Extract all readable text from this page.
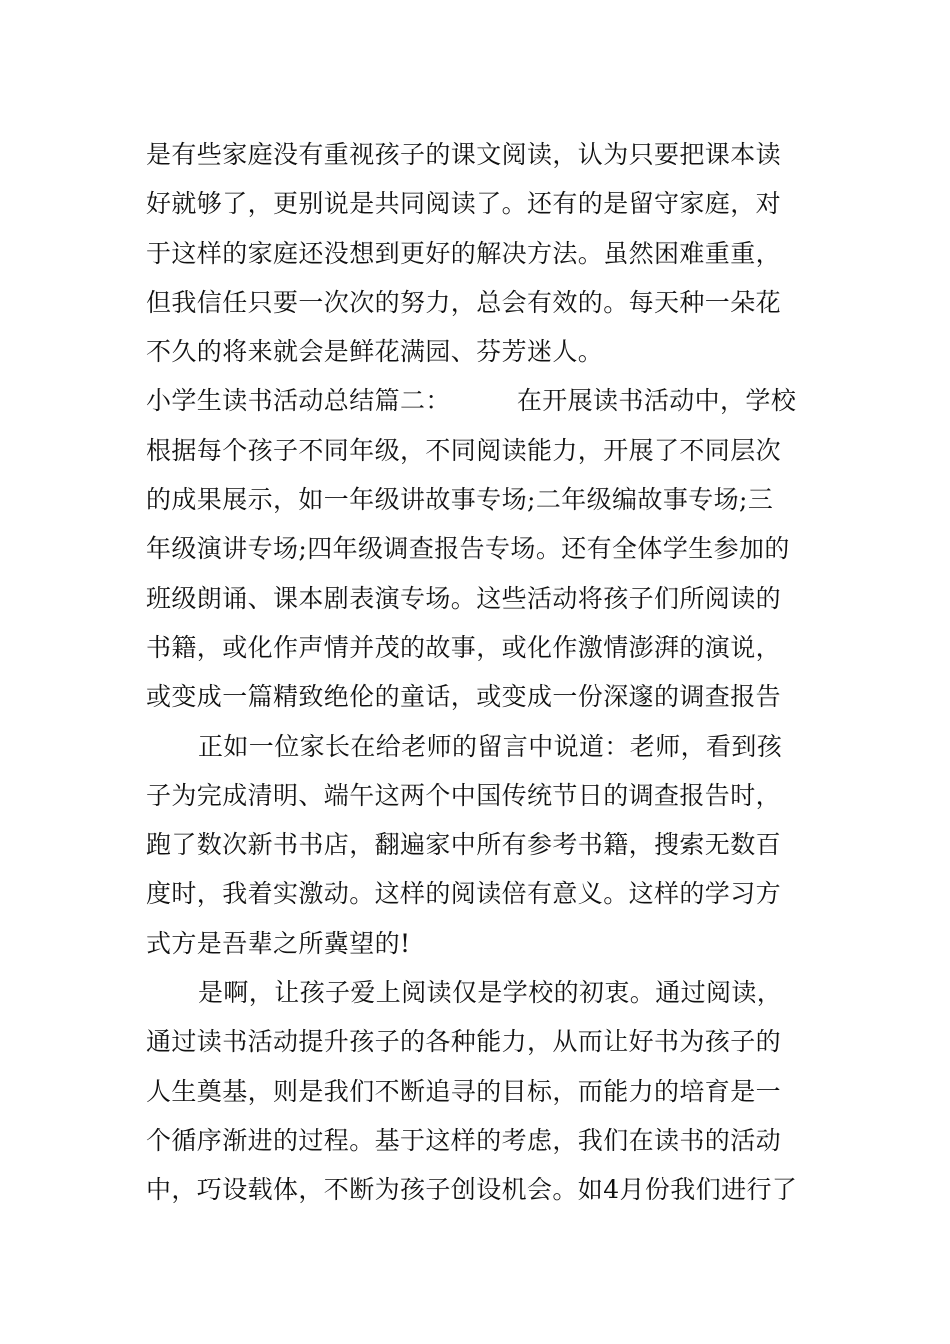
是有些家庭没有重视孩子的课文阅读，认为只要把课本读
好就够了，更别说是共同阅读了。还有的是留守家庭，对
于这样的家庭还没想到更好的解决方法。虽然困难重重，
但我信任只要一次次的努力，总会有效的。每天种一朵花
不久的将来就会是鲜花满园、芬芳迷人。
小学生读书活动总结篇二：	在开展读书活动中，学校
根据每个孩子不同年级，不同阅读能力，开展了不同层次
的成果展示，如一年级讲故事专场;二年级编故事专场;三
年级演讲专场;四年级调查报告专场。还有全体学生参加的
班级朗诵、课本剧表演专场。这些活动将孩子们所阅读的
书籍，或化作声情并茂的故事，或化作激情澎湃的演说，
或变成一篇精致绝伦的童话，或变成一份深邃的调查报告
正如一位家长在给老师的留言中说道：老师，看到孩
子为完成清明、端午这两个中国传统节日的调查报告时，
跑了数次新书书店，翻遍家中所有参考书籍，搜索无数百
度时，我着实激动。这样的阅读倍有意义。这样的学习方
式方是吾辈之所冀望的!
是啊，让孩子爱上阅读仅是学校的初衷。通过阅读，
通过读书活动提升孩子的各种能力，从而让好书为孩子的
人生奠基，则是我们不断追寻的目标，而能力的培育是一
个循序渐进的过程。基于这样的考虑，我们在读书的活动
中，巧设载体，不断为孩子创设机会。如4月份我们进行了
